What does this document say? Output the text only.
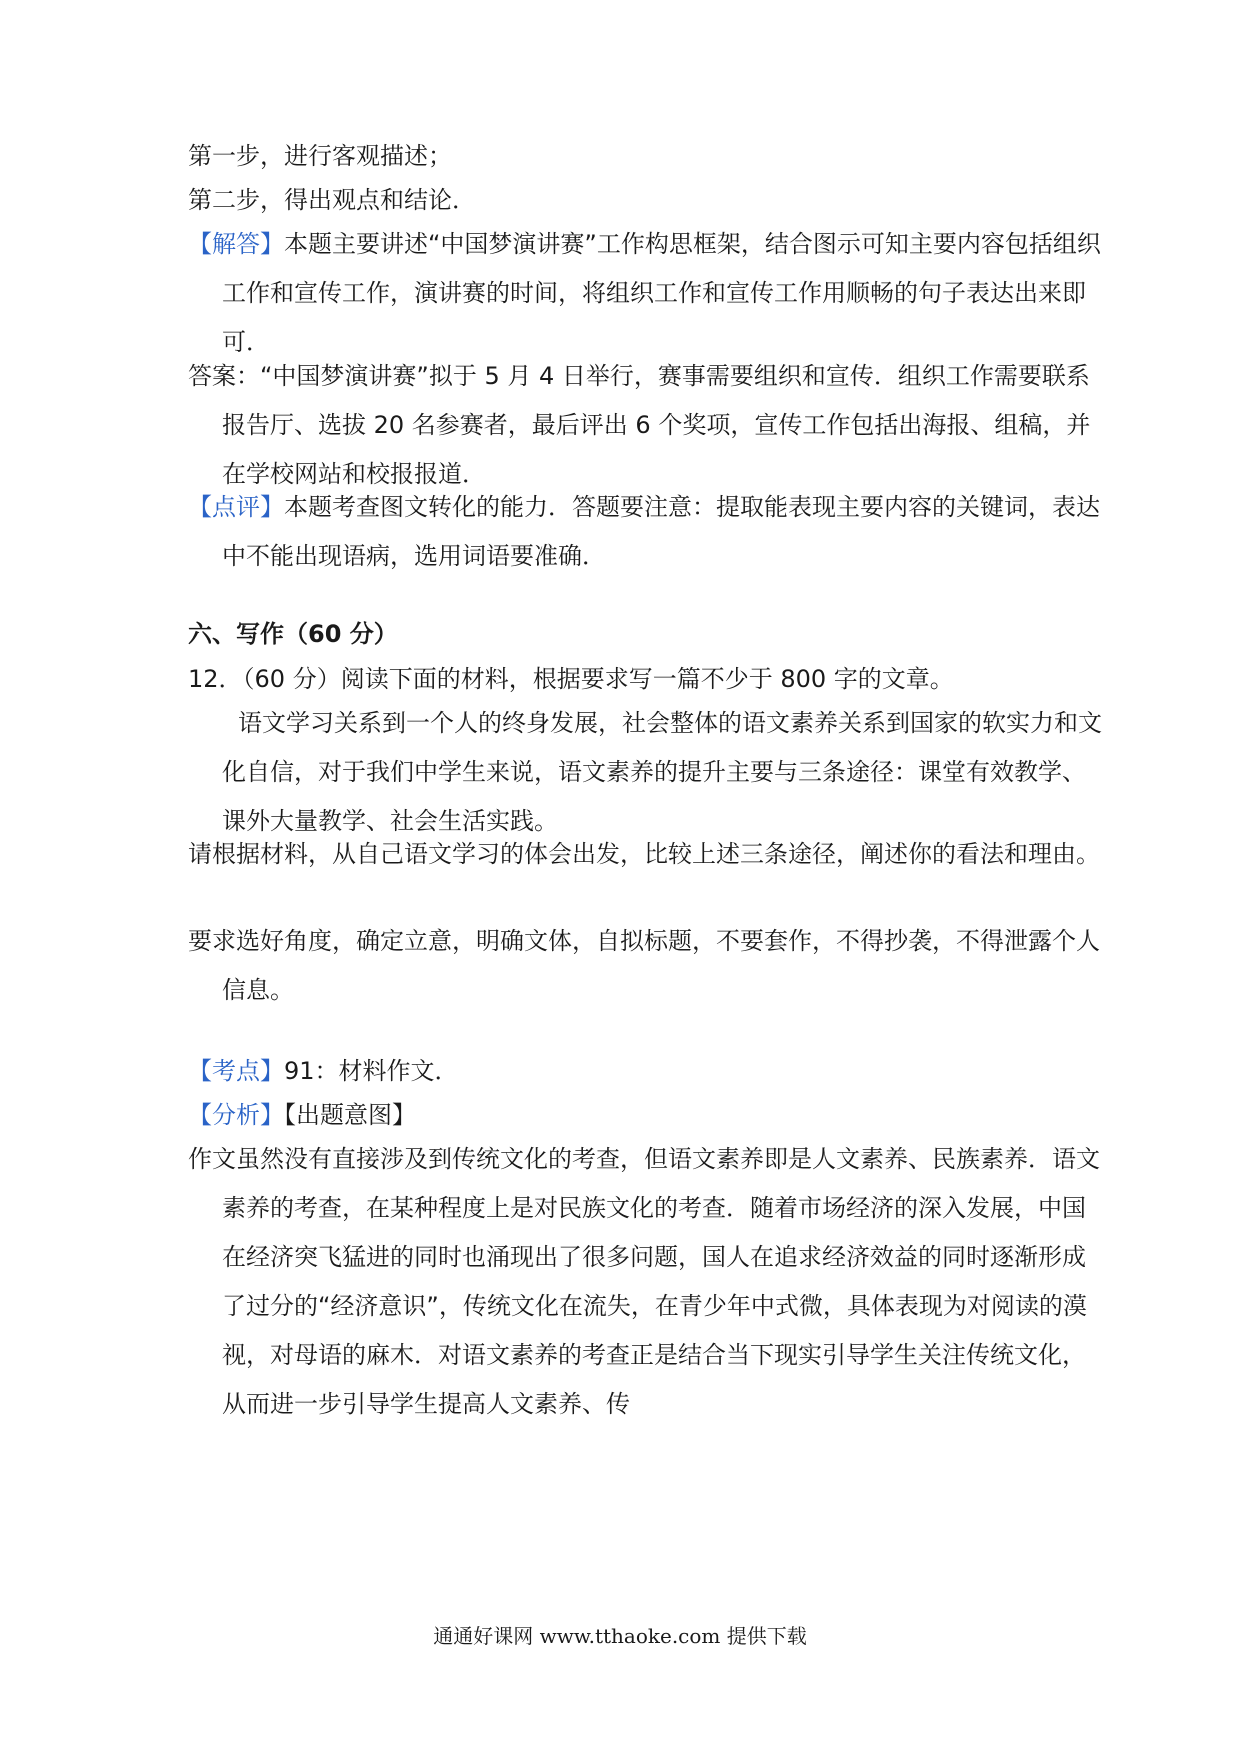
第一步，进行客观描述；

第二步，得出观点和结论．

【解答】本题主要讲述“中国梦演讲赛”工作构思框架，结合图示可知主要内容包括组织工作和宣传工作，演讲赛的时间，将组织工作和宣传工作用顺畅的句子表达出来即可．

答案：“中国梦演讲赛”拟于 5 月 4 日举行，赛事需要组织和宣传．组织工作需要联系报告厅、选拔 20 名参赛者，最后评出 6 个奖项，宣传工作包括出海报、组稿，并在学校网站和校报报道．

【点评】本题考查图文转化的能力．答题要注意：提取能表现主要内容的关键词，表达中不能出现语病，选用词语要准确．

六、写作（60 分）

12．（60 分）阅读下面的材料，根据要求写一篇不少于 800 字的文章。

语文学习关系到一个人的终身发展，社会整体的语文素养关系到国家的软实力和文化自信，对于我们中学生来说，语文素养的提升主要与三条途径：课堂有效教学、课外大量教学、社会生活实践。

请根据材料，从自己语文学习的体会出发，比较上述三条途径，阐述你的看法和理由。

要求选好角度，确定立意，明确文体，自拟标题，不要套作，不得抄袭，不得泄露个人信息。

【考点】91：材料作文．

【分析】【出题意图】

作文虽然没有直接涉及到传统文化的考查，但语文素养即是人文素养、民族素养．语文素养的考查，在某种程度上是对民族文化的考查．随着市场经济的深入发展，中国在经济突飞猛进的同时也涌现出了很多问题，国人在追求经济效益的同时逐渐形成了过分的“经济意识”，传统文化在流失，在青少年中式微，具体表现为对阅读的漠视，对母语的麻木．对语文素养的考查正是结合当下现实引导学生关注传统文化，从而进一步引导学生提高人文素养、传

通通好课网 www.tthaoke.com 提供下载
